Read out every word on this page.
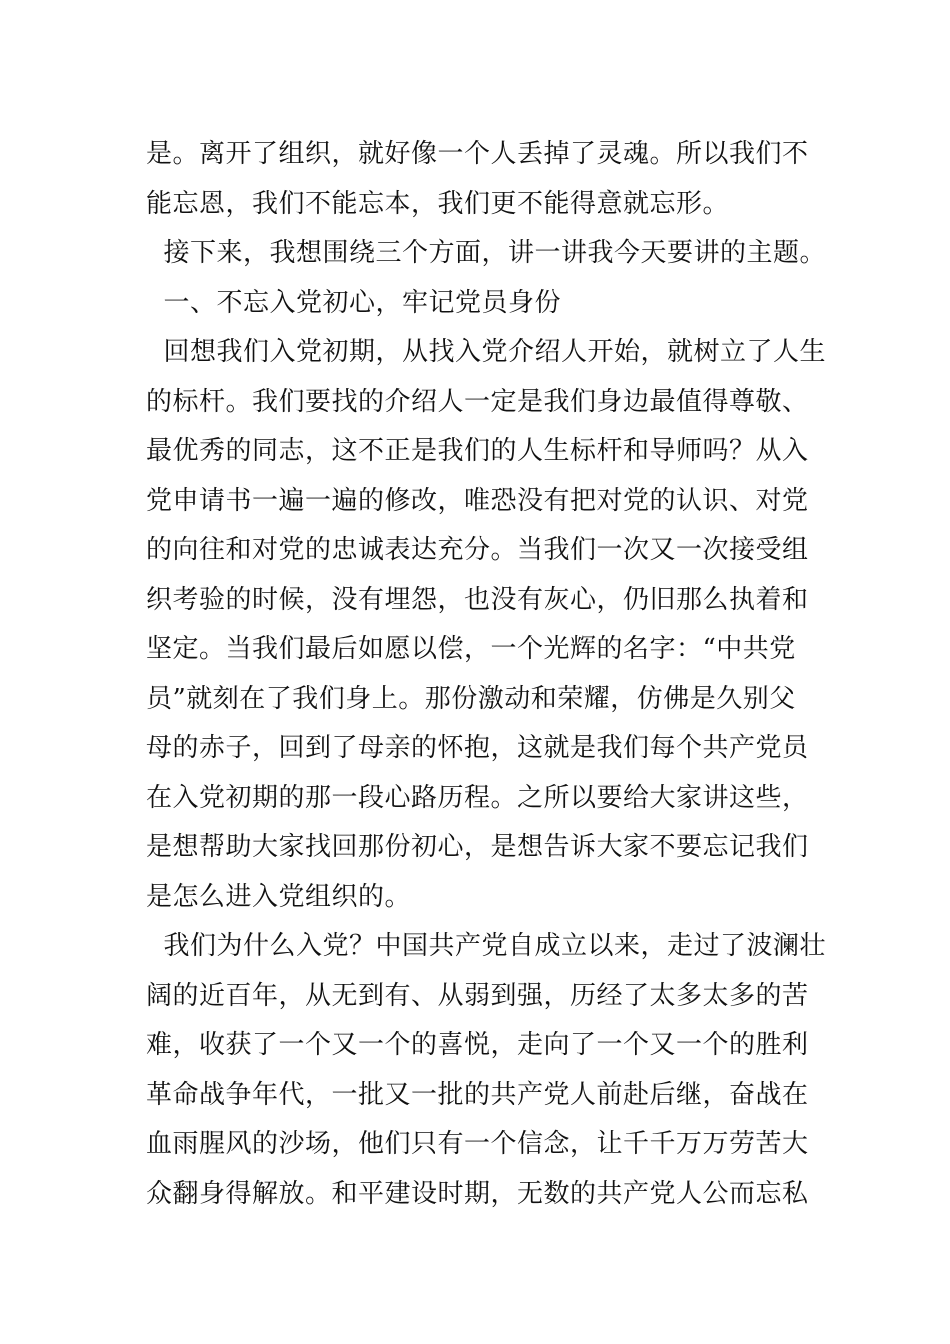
是。离开了组织，就好像一个人丢掉了灵魂。所以我们不

能忘恩，我们不能忘本，我们更不能得意就忘形。

接下来，我想围绕三个方面，讲一讲我今天要讲的主题。

一、不忘入党初心，牢记党员身份

回想我们入党初期，从找入党介绍人开始，就树立了人生

的标杆。我们要找的介绍人一定是我们身边最值得尊敬、

最优秀的同志，这不正是我们的人生标杆和导师吗？从入

党申请书一遍一遍的修改，唯恐没有把对党的认识、对党

的向往和对党的忠诚表达充分。当我们一次又一次接受组

织考验的时候，没有埋怨，也没有灰心，仍旧那么执着和

坚定。当我们最后如愿以偿，一个光辉的名字：“中共党

员”就刻在了我们身上。那份激动和荣耀，仿佛是久别父

母的赤子，回到了母亲的怀抱，这就是我们每个共产党员

在入党初期的那一段心路历程。之所以要给大家讲这些，

是想帮助大家找回那份初心，是想告诉大家不要忘记我们

是怎么进入党组织的。

我们为什么入党？中国共产党自成立以来，走过了波澜壮

阔的近百年，从无到有、从弱到强，历经了太多太多的苦

难，收获了一个又一个的喜悦，走向了一个又一个的胜利

革命战争年代，一批又一批的共产党人前赴后继，奋战在

血雨腥风的沙场，他们只有一个信念，让千千万万劳苦大

众翻身得解放。和平建设时期，无数的共产党人公而忘私
